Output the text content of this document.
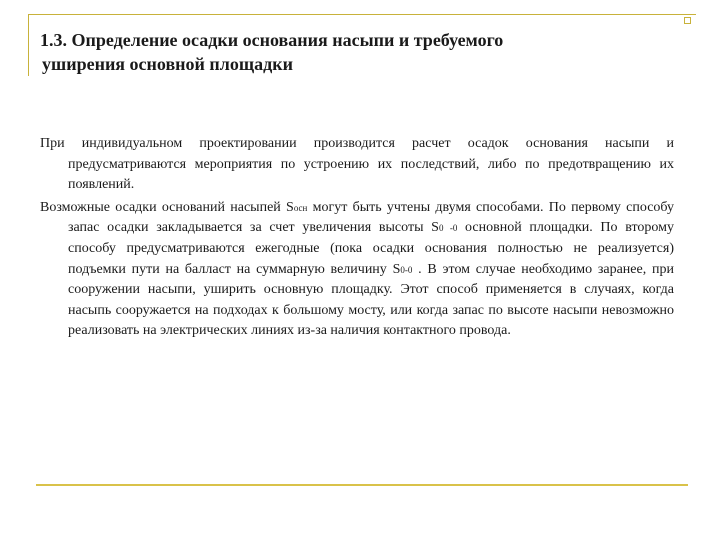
1.3. Определение осадки основания насыпи и требуемого
уширения основной площадки

При индивидуальном проектировании производится расчет осадок основания насыпи и предусматриваются мероприятия по устроению их последствий, либо по предотвращению их появлений.

Возможные осадки оснований насыпей Sосн могут быть учтены двумя способами. По первому способу запас осадки закладывается за счет увеличения высоты S0 -0 основной площадки. По второму способу предусматриваются ежегодные (пока осадки основания полностью не реализуется) подъемки пути на балласт на суммарную величину S0-0 . В этом случае необходимо заранее, при сооружении насыпи, уширить основную площадку. Этот способ применяется в случаях, когда насыпь сооружается на подходах к большому мосту, или когда запас по высоте насыпи невозможно реализовать на электрических линиях из-за наличия контактного провода.
